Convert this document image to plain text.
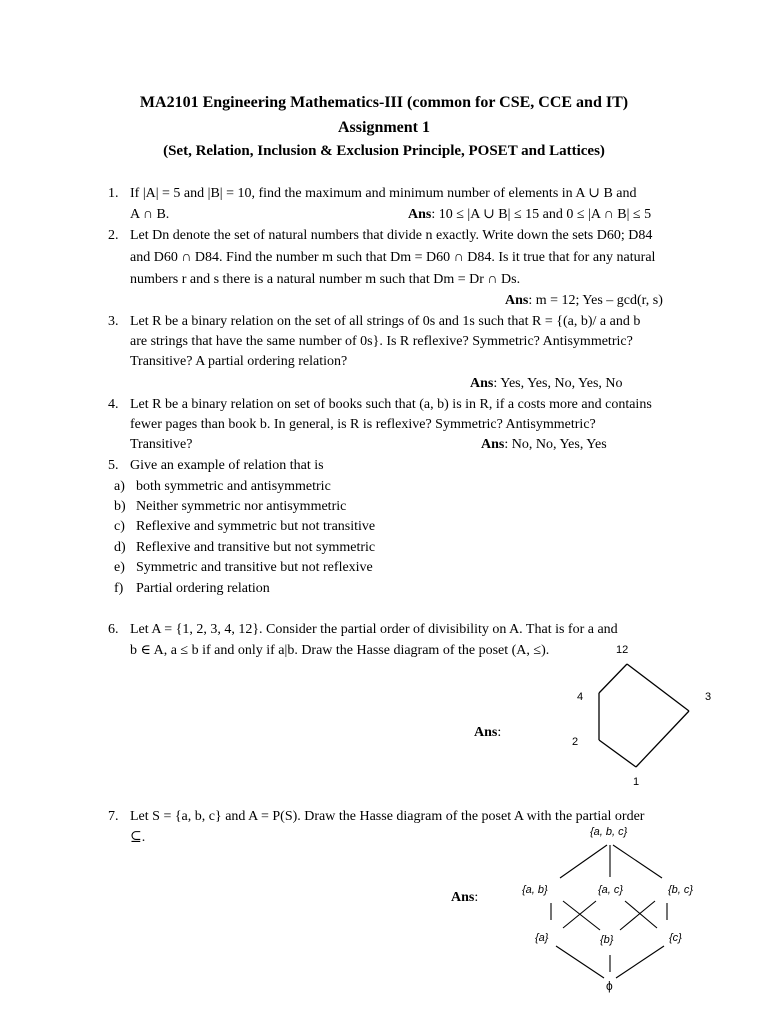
MA2101 Engineering Mathematics-III (common for CSE, CCE and IT)
Assignment 1
(Set, Relation, Inclusion & Exclusion Principle, POSET and Lattices)
1. If |A| = 5 and |B| = 10, find the maximum and minimum number of elements in A ∪ B and
A ∩ B.	Ans: 10 ≤ |A ∪ B| ≤ 15 and 0 ≤ |A ∩ B| ≤ 5
2. Let Dn denote the set of natural numbers that divide n exactly. Write down the sets D60; D84
and D60 ∩ D84. Find the number m such that Dm = D60 ∩ D84. Is it true that for any natural
numbers r and s there is a natural number m such that Dm = Dr ∩ Ds.
Ans: m = 12; Yes – gcd(r, s)
3. Let R be a binary relation on the set of all strings of 0s and 1s such that R = {(a, b)/ a and b
are strings that have the same number of 0s}. Is R reflexive? Symmetric? Antisymmetric?
Transitive? A partial ordering relation?
Ans: Yes, Yes, No, Yes, No
4. Let R be a binary relation on set of books such that (a, b) is in R, if a costs more and contains
fewer pages than book b. In general, is R is reflexive? Symmetric? Antisymmetric?
Transitive?	Ans: No, No, Yes, Yes
5. Give an example of relation that is
a) both symmetric and antisymmetric
b) Neither symmetric nor antisymmetric
c) Reflexive and symmetric but not transitive
d) Reflexive and transitive but not symmetric
e) Symmetric and transitive but not reflexive
f) Partial ordering relation
6. Let A = {1, 2, 3, 4, 12}. Consider the partial order of divisibility on A. That is for a and
b ∈ A, a ≤ b if and only if a|b. Draw the Hasse diagram of the poset (A, ≤).
Ans:
12
4	3
2
1
7. Let S = {a, b, c} and A = P(S). Draw the Hasse diagram of the poset A with the partial order
⊆.
Ans:
{a, b, c}
{a, b}	{a, c}	{b, c}
{a}	{b}	{c}
ϕ
